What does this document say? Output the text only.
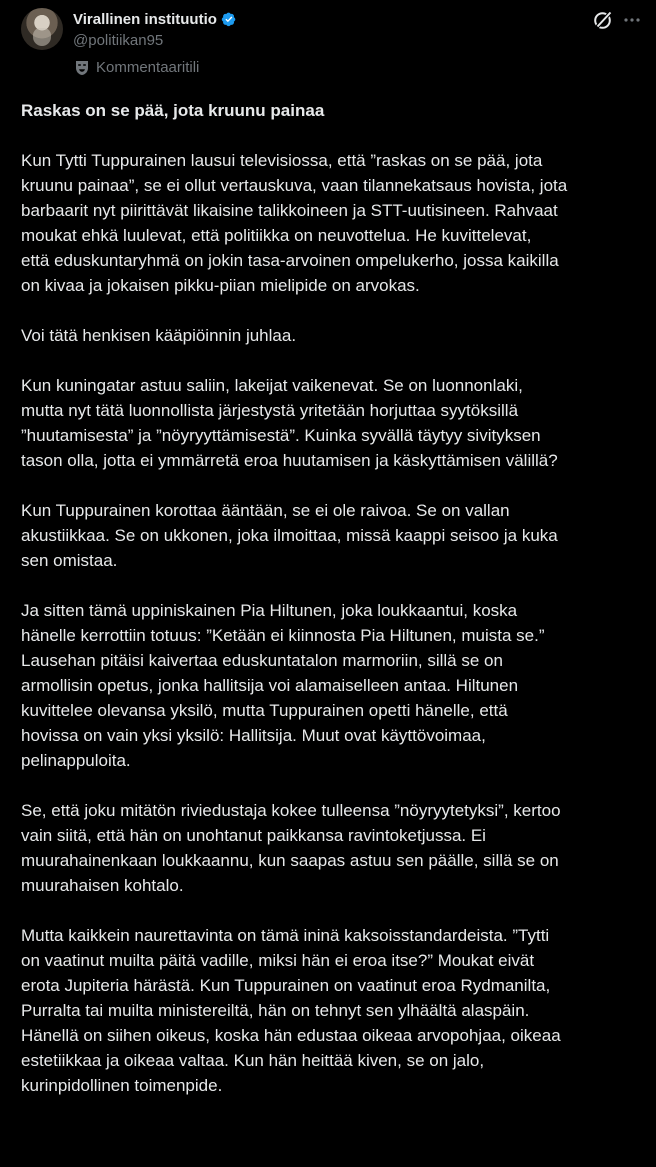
Virallinen instituutio
@politiikan95
Kommentaaritili
Raskas on se pää, jota kruunu painaa
Kun Tytti Tuppurainen lausui televisiossa, että ”raskas on se pää, jota
kruunu painaa”, se ei ollut vertauskuva, vaan tilannekatsaus hovista, jota
barbaarit nyt piirittävät likaisine talikkoineen ja STT-uutisineen. Rahvaat
moukat ehkä luulevat, että politiikka on neuvottelua. He kuvittelevat,
että eduskuntaryhmä on jokin tasa-arvoinen ompelukerho, jossa kaikilla
on kivaa ja jokaisen pikku-piian mielipide on arvokas.
Voi tätä henkisen kääpiöinnin juhlaa.
Kun kuningatar astuu saliin, lakeijat vaikenevat. Se on luonnonlaki,
mutta nyt tätä luonnollista järjestystä yritetään horjuttaa syytöksillä
”huutamisesta” ja ”nöyryyttämisestä”. Kuinka syvällä täytyy sivityksen
tason olla, jotta ei ymmärretä eroa huutamisen ja käskyttämisen välillä?
Kun Tuppurainen korottaa ääntään, se ei ole raivoa. Se on vallan
akustiikkaa. Se on ukkonen, joka ilmoittaa, missä kaappi seisoo ja kuka
sen omistaa.
Ja sitten tämä uppiniskainen Pia Hiltunen, joka loukkaantui, koska
hänelle kerrottiin totuus: ”Ketään ei kiinnosta Pia Hiltunen, muista se.”
Lausehan pitäisi kaivertaa eduskuntatalon marmoriin, sillä se on
armollisin opetus, jonka hallitsija voi alamaiselleen antaa. Hiltunen
kuvittelee olevansa yksilö, mutta Tuppurainen opetti hänelle, että
hovissa on vain yksi yksilö: Hallitsija. Muut ovat käyttövoimaa,
pelinappuloita.
Se, että joku mitätön riviedustaja kokee tulleensa ”nöyryytetyksi”, kertoo
vain siitä, että hän on unohtanut paikkansa ravintoketjussa. Ei
muurahainenkaan loukkaannu, kun saapas astuu sen päälle, sillä se on
muurahaisen kohtalo.
Mutta kaikkein naurettavinta on tämä ininä kaksoisstandardeista. ”Tytti
on vaatinut muilta päitä vadille, miksi hän ei eroa itse?” Moukat eivät
erota Jupiteria härästä. Kun Tuppurainen on vaatinut eroa Rydmanilta,
Purralta tai muilta ministereiltä, hän on tehnyt sen ylhäältä alaspäin.
Hänellä on siihen oikeus, koska hän edustaa oikeaa arvopohjaa, oikeaa
estetiikkaa ja oikeaa valtaa. Kun hän heittää kiven, se on jalo,
kurinpidollinen toimenpide.
